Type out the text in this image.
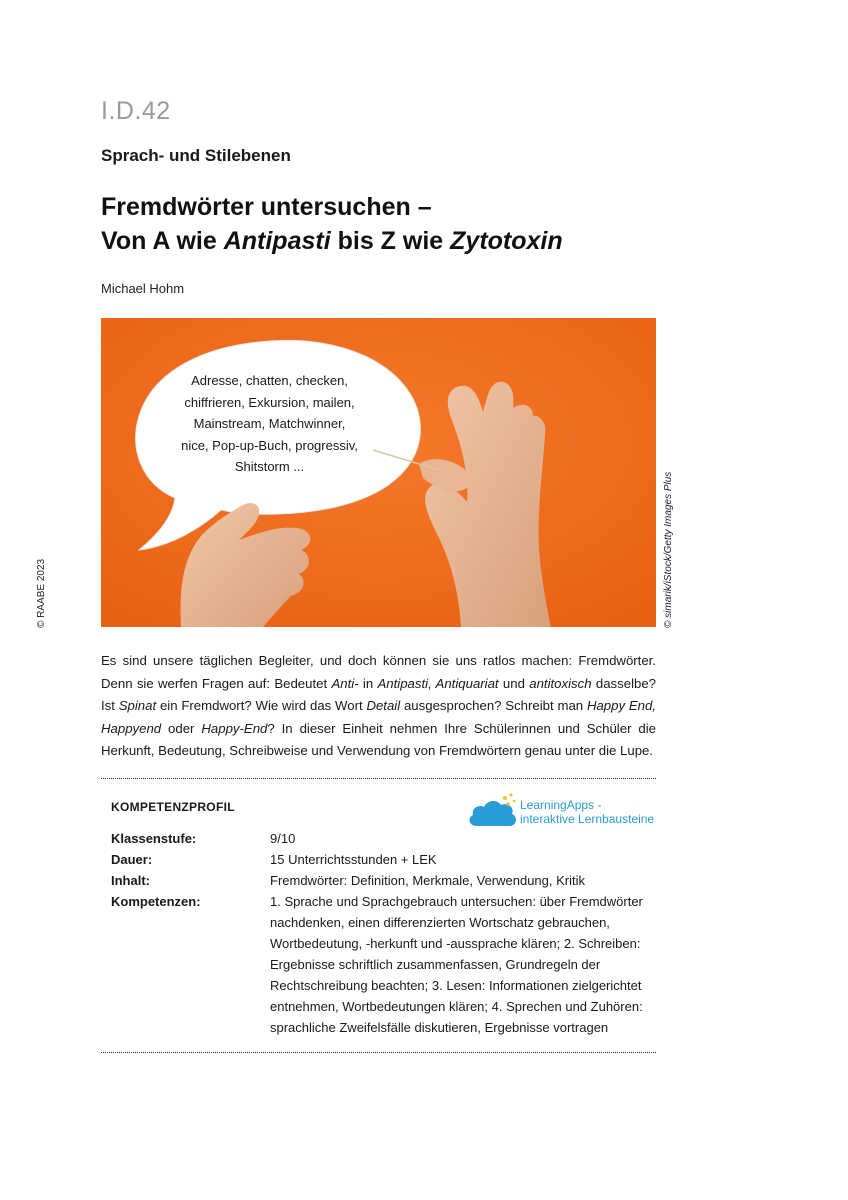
I.D.42
Sprach- und Stilebenen
Fremdwörter untersuchen –
Von A wie Antipasti bis Z wie Zytotoxin
Michael Hohm
Adresse, chatten, checken,
chiffrieren, Exkursion, mailen,
Mainstream, Matchwinner,
nice, Pop-up-Buch, progressiv,
Shitstorm ...
© simarik/iStock/Getty Images Plus
© RAABE 2023
Es sind unsere täglichen Begleiter, und doch können sie uns ratlos machen: Fremdwörter. Denn sie werfen Fragen auf: Bedeutet Anti- in Antipasti, Antiquariat und antitoxisch dasselbe? Ist Spinat ein Fremdwort? Wie wird das Wort Detail ausgesprochen? Schreibt man Happy End, Happyend oder Happy-End? In dieser Einheit nehmen Ihre Schülerinnen und Schüler die Herkunft, Bedeutung, Schreibweise und Verwendung von Fremdwörtern genau unter die Lupe.
KOMPETENZPROFIL	LearningApps -
interaktive Lernbausteine
Klassenstufe:	9/10
Dauer:	15 Unterrichtsstunden + LEK
Inhalt:	Fremdwörter: Definition, Merkmale, Verwendung, Kritik
Kompetenzen:	1. Sprache und Sprachgebrauch untersuchen: über Fremdwörter nachdenken, einen differenzierten Wortschatz gebrauchen, Wortbedeutung, -herkunft und -aussprache klären; 2. Schreiben: Ergebnisse schriftlich zusammenfassen, Grundregeln der Rechtschreibung beachten; 3. Lesen: Informationen zielgerichtet entnehmen, Wortbedeutungen klären; 4. Sprechen und Zuhören: sprachliche Zweifelsfälle diskutieren, Ergebnisse vortragen
